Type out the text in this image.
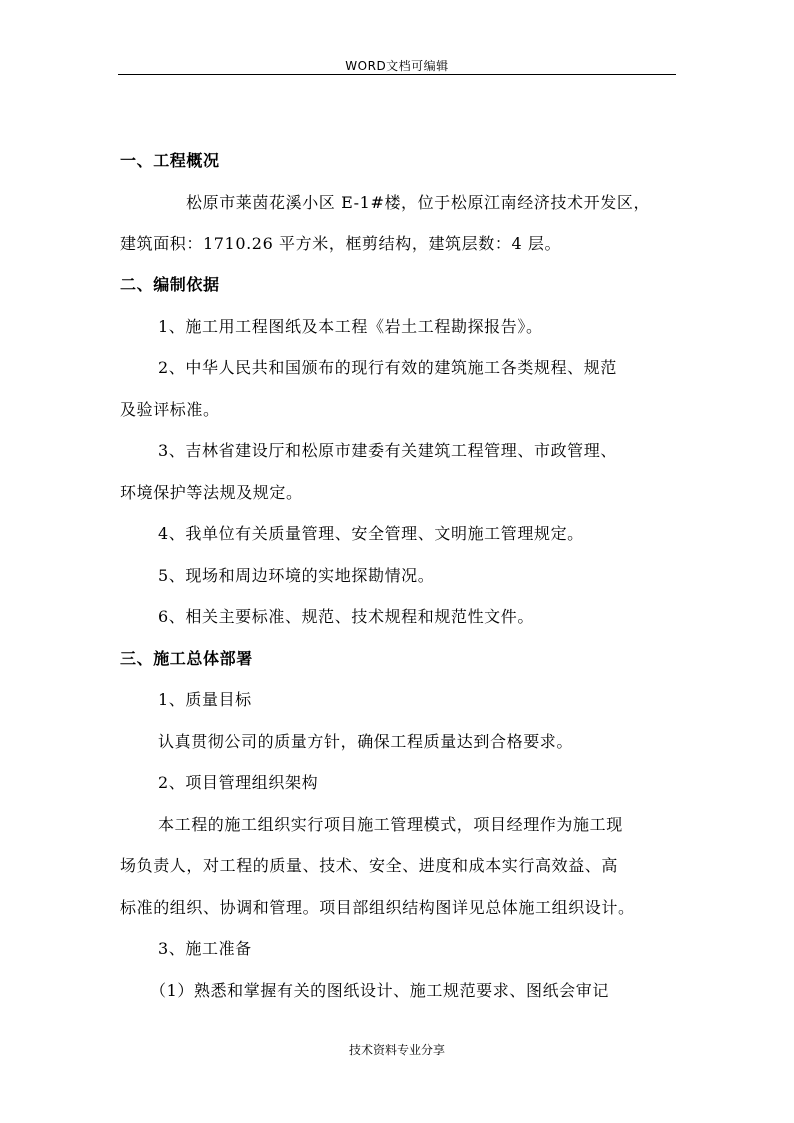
WORD文档可编辑
一、工程概况
松原市莱茵花溪小区 E-1#楼，位于松原江南经济技术开发区，
建筑面积：1710.26 平方米，框剪结构，建筑层数：4 层。
二、编制依据
1、施工用工程图纸及本工程《岩土工程勘探报告》。
2、中华人民共和国颁布的现行有效的建筑施工各类规程、规范
及验评标准。
3、吉林省建设厅和松原市建委有关建筑工程管理、市政管理、
环境保护等法规及规定。
4、我单位有关质量管理、安全管理、文明施工管理规定。
5、现场和周边环境的实地探勘情况。
6、相关主要标准、规范、技术规程和规范性文件。
三、施工总体部署
1、质量目标
认真贯彻公司的质量方针，确保工程质量达到合格要求。
2、项目管理组织架构
本工程的施工组织实行项目施工管理模式，项目经理作为施工现
场负责人，对工程的质量、技术、安全、进度和成本实行高效益、高
标准的组织、协调和管理。项目部组织结构图详见总体施工组织设计。
3、施工准备
（1）熟悉和掌握有关的图纸设计、施工规范要求、图纸会审记
技术资料专业分享
